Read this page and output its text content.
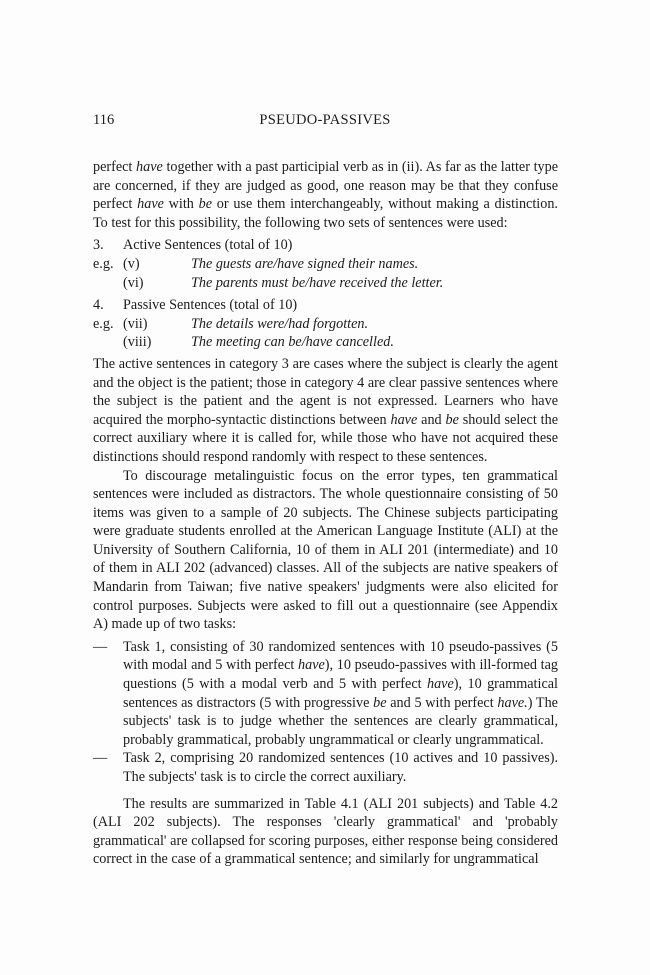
116	PSEUDO-PASSIVES

perfect have together with a past participial verb as in (ii). As far as the latter type are concerned, if they are judged as good, one reason may be that they confuse perfect have with be or use them interchangeably, without making a distinction. To test for this possibility, the following two sets of sentences were used:

3.	Active Sentences (total of 10)
e.g. (v)	The guests are/have signed their names.
(vi)	The parents must be/have received the letter.
4.	Passive Sentences (total of 10)
e.g. (vii)	The details were/had forgotten.
(viii)	The meeting can be/have cancelled.

The active sentences in category 3 are cases where the subject is clearly the agent and the object is the patient; those in category 4 are clear passive sentences where the subject is the patient and the agent is not expressed. Learners who have acquired the morpho-syntactic distinctions between have and be should select the correct auxiliary where it is called for, while those who have not acquired these distinctions should respond randomly with respect to these sentences.

To discourage metalinguistic focus on the error types, ten grammatical sentences were included as distractors. The whole questionnaire consisting of 50 items was given to a sample of 20 subjects. The Chinese subjects participating were graduate students enrolled at the American Language Institute (ALI) at the University of Southern California, 10 of them in ALI 201 (intermediate) and 10 of them in ALI 202 (advanced) classes. All of the subjects are native speakers of Mandarin from Taiwan; five native speakers' judgments were also elicited for control purposes. Subjects were asked to fill out a questionnaire (see Appendix A) made up of two tasks:

—	Task 1, consisting of 30 randomized sentences with 10 pseudo-passives (5 with modal and 5 with perfect have), 10 pseudo-passives with ill-formed tag questions (5 with a modal verb and 5 with perfect have), 10 grammatical sentences as distractors (5 with progressive be and 5 with perfect have.) The subjects' task is to judge whether the sentences are clearly grammatical, probably grammatical, probably ungrammatical or clearly ungrammatical.
—	Task 2, comprising 20 randomized sentences (10 actives and 10 passives). The subjects' task is to circle the correct auxiliary.

The results are summarized in Table 4.1 (ALI 201 subjects) and Table 4.2 (ALI 202 subjects). The responses 'clearly grammatical' and 'probably grammatical' are collapsed for scoring purposes, either response being considered correct in the case of a grammatical sentence; and similarly for ungrammatical
